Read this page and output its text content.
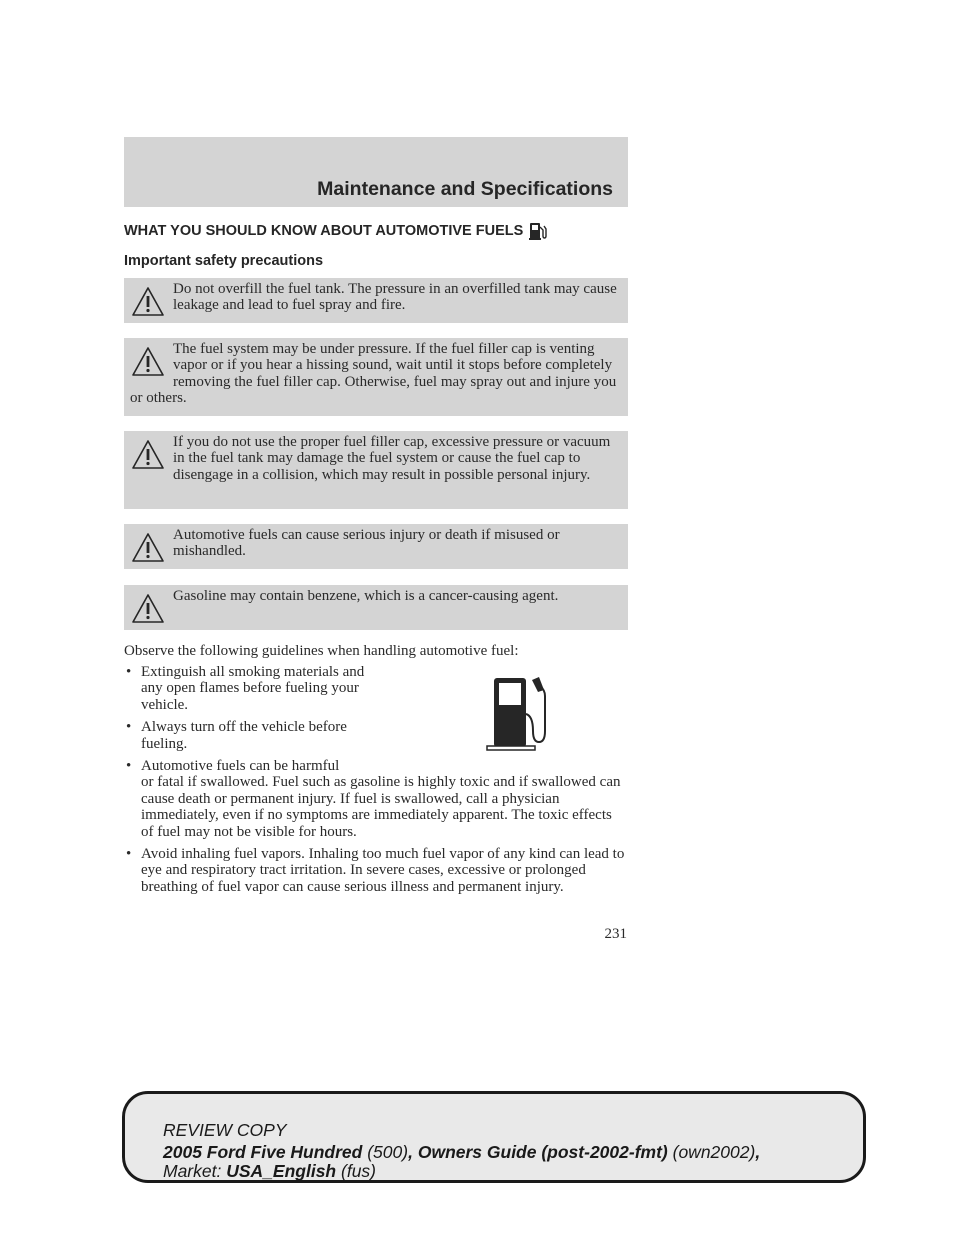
Maintenance and Specifications
WHAT YOU SHOULD KNOW ABOUT AUTOMOTIVE FUELS
Important safety precautions
Do not overfill the fuel tank. The pressure in an overfilled tank may cause leakage and lead to fuel spray and fire.
The fuel system may be under pressure. If the fuel filler cap is venting vapor or if you hear a hissing sound, wait until it stops before completely removing the fuel filler cap. Otherwise, fuel may spray out and injure you or others.
If you do not use the proper fuel filler cap, excessive pressure or vacuum in the fuel tank may damage the fuel system or cause the fuel cap to disengage in a collision, which may result in possible personal injury.
Automotive fuels can cause serious injury or death if misused or mishandled.
Gasoline may contain benzene, which is a cancer-causing agent.

Observe the following guidelines when handling automotive fuel:

• Extinguish all smoking materials and any open flames before fueling your vehicle.
• Always turn off the vehicle before fueling.
• Automotive fuels can be harmful
or fatal if swallowed. Fuel such as gasoline is highly toxic and if swallowed can cause death or permanent injury. If fuel is swallowed, call a physician immediately, even if no symptoms are immediately apparent. The toxic effects of fuel may not be visible for hours.
• Avoid inhaling fuel vapors. Inhaling too much fuel vapor of any kind can lead to eye and respiratory tract irritation. In severe cases, excessive or prolonged breathing of fuel vapor can cause serious illness and permanent injury.
231
REVIEW COPY
2005 Ford Five Hundred (500), Owners Guide (post-2002-fmt) (own2002),
Market: USA_English (fus)
